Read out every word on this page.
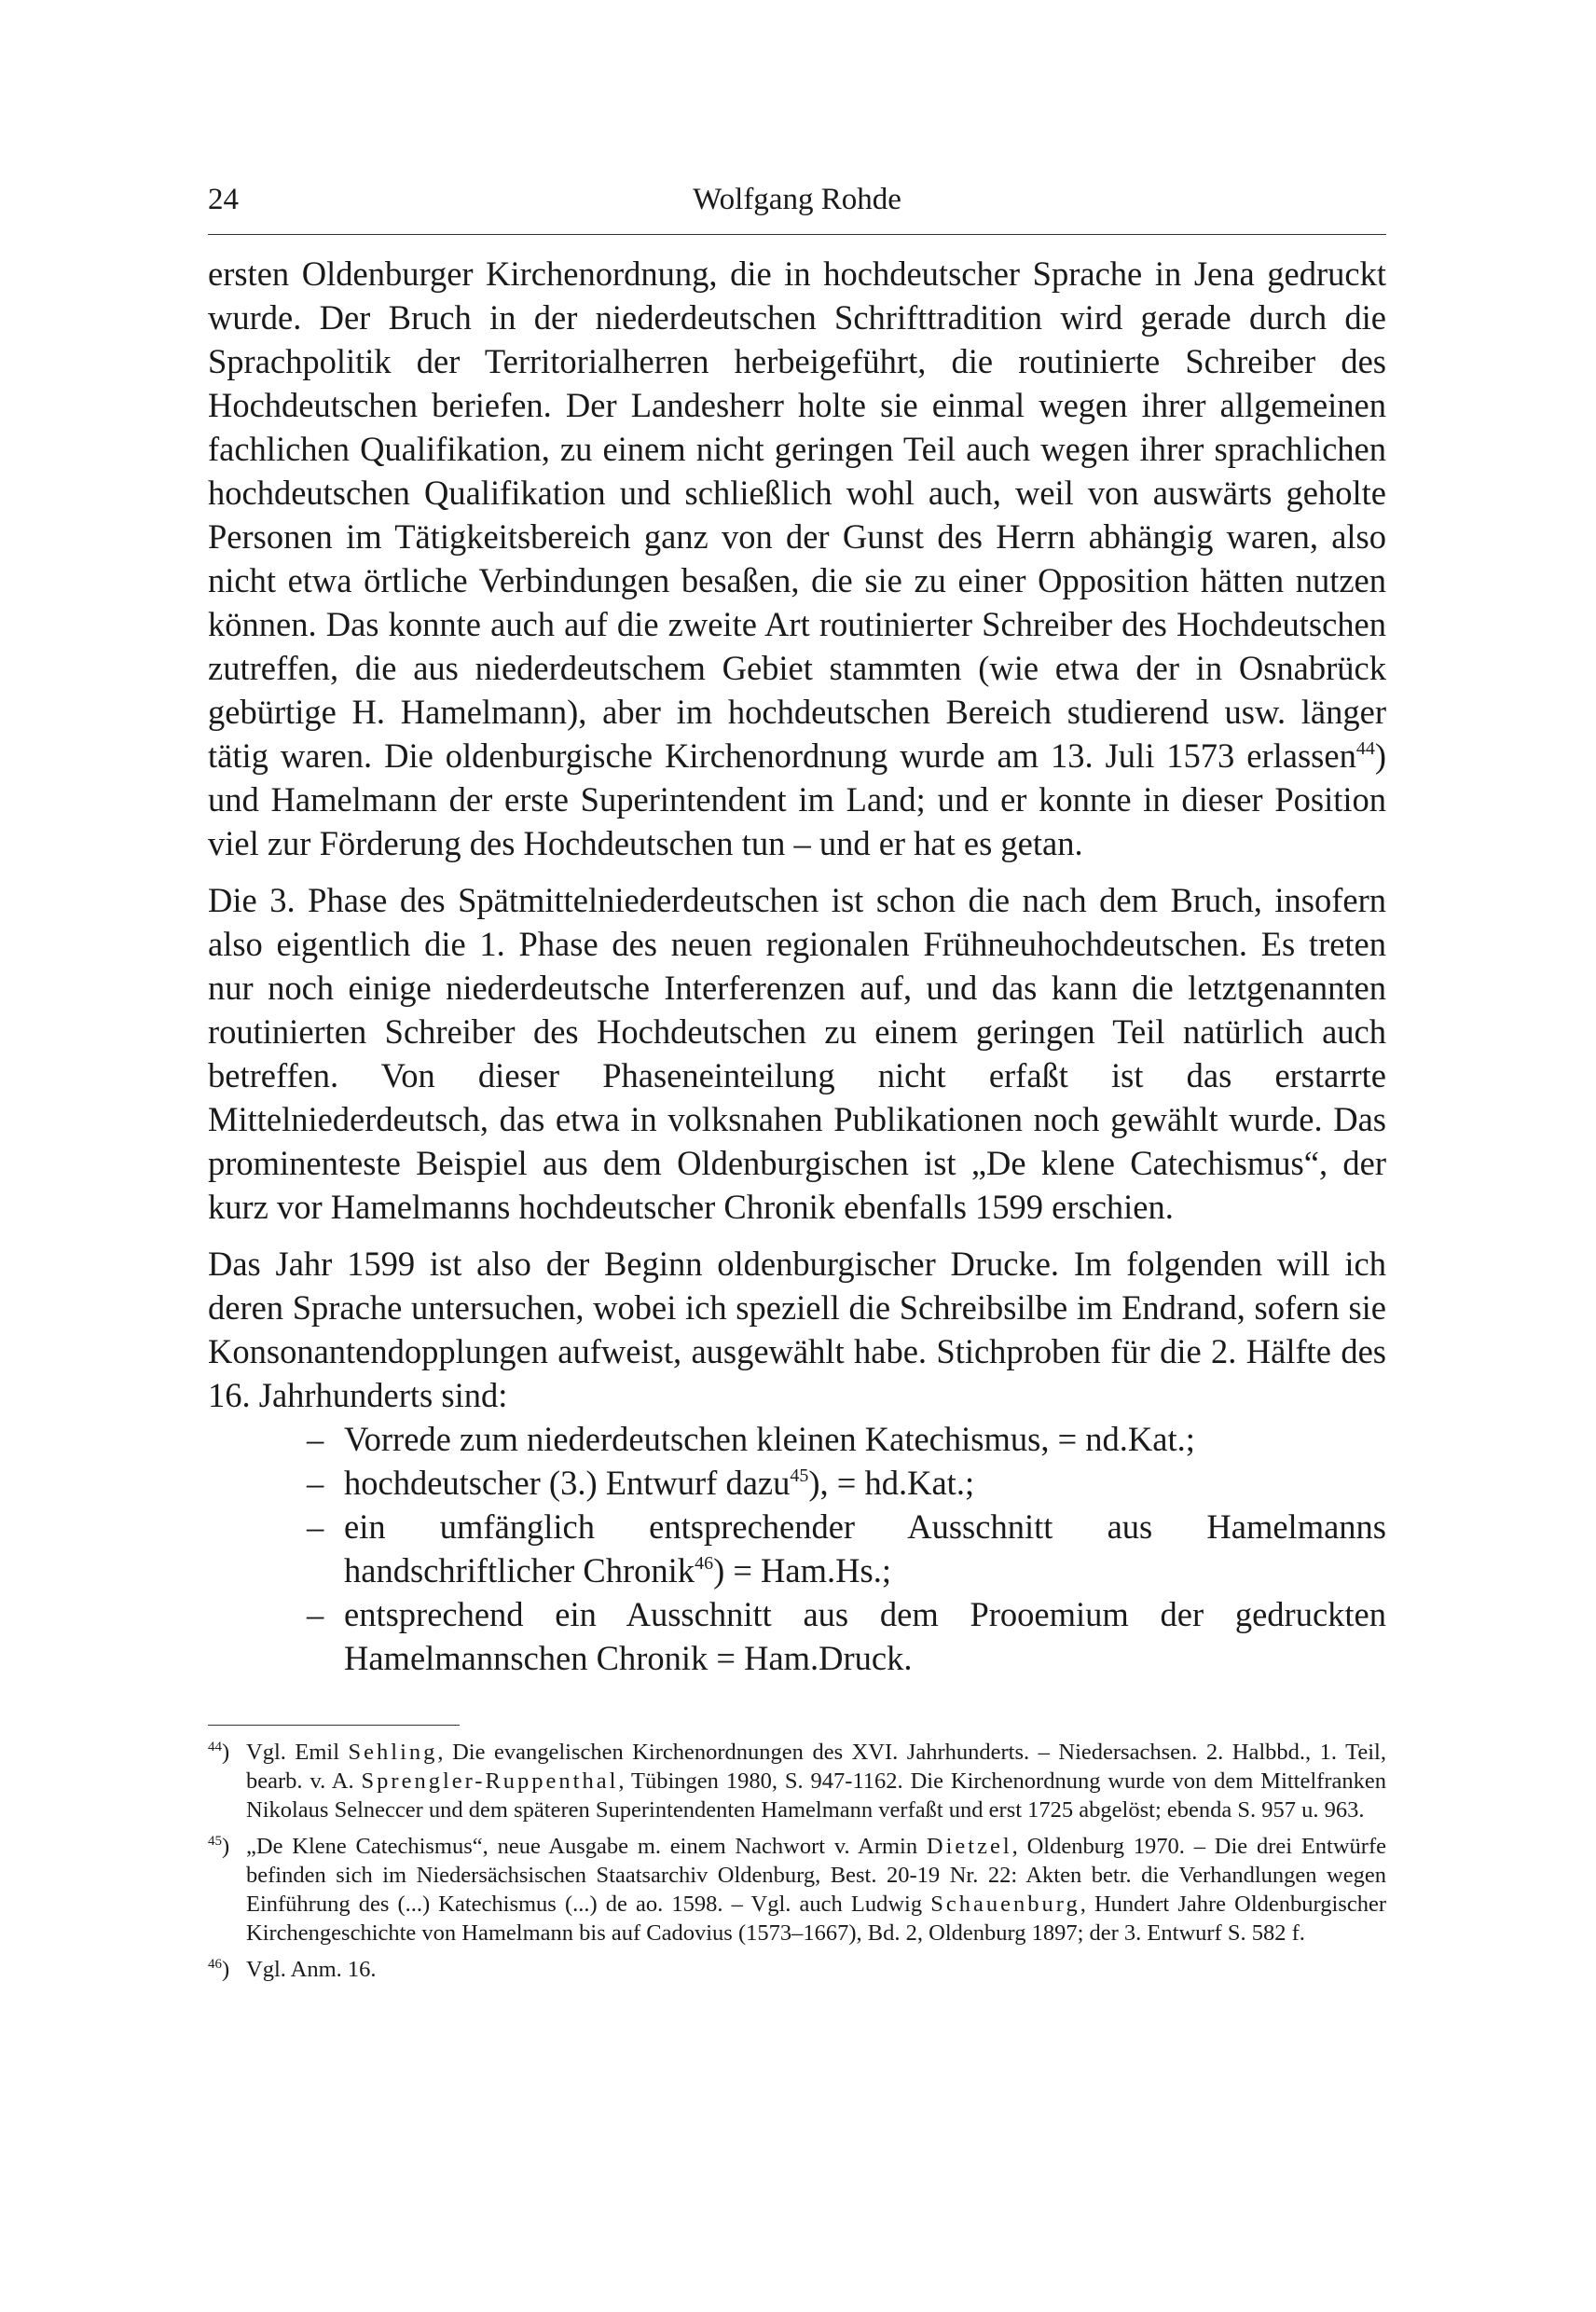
24	Wolfgang Rohde

ersten Oldenburger Kirchenordnung, die in hochdeutscher Sprache in Jena gedruckt wurde. Der Bruch in der niederdeutschen Schrifttradition wird gerade durch die Sprachpolitik der Territorialherren herbeigeführt, die routinierte Schreiber des Hochdeutschen beriefen. Der Landesherr holte sie einmal wegen ihrer allgemeinen fachlichen Qualifikation, zu einem nicht geringen Teil auch wegen ihrer sprachlichen hochdeutschen Qualifikation und schließlich wohl auch, weil von auswärts geholte Personen im Tätigkeitsbereich ganz von der Gunst des Herrn abhängig waren, also nicht etwa örtliche Verbindungen besaßen, die sie zu einer Opposition hätten nutzen können. Das konnte auch auf die zweite Art routinierter Schreiber des Hochdeutschen zutreffen, die aus niederdeutschem Gebiet stammten (wie etwa der in Osnabrück gebürtige H. Hamelmann), aber im hochdeutschen Bereich studierend usw. länger tätig waren. Die oldenburgische Kirchenordnung wurde am 13. Juli 1573 erlassen$^{44}$) und Hamelmann der erste Superintendent im Land; und er konnte in dieser Position viel zur Förderung des Hochdeutschen tun – und er hat es getan.

Die 3. Phase des Spätmittelniederdeutschen ist schon die nach dem Bruch, insofern also eigentlich die 1. Phase des neuen regionalen Frühneuhochdeutschen. Es treten nur noch einige niederdeutsche Interferenzen auf, und das kann die letztgenannten routinierten Schreiber des Hochdeutschen zu einem geringen Teil natürlich auch betreffen. Von dieser Phaseneinteilung nicht erfaßt ist das erstarrte Mittelniederdeutsch, das etwa in volksnahen Publikationen noch gewählt wurde. Das prominenteste Beispiel aus dem Oldenburgischen ist „De klene Catechismus“, der kurz vor Hamelmanns hochdeutscher Chronik ebenfalls 1599 erschien.

Das Jahr 1599 ist also der Beginn oldenburgischer Drucke. Im folgenden will ich deren Sprache untersuchen, wobei ich speziell die Schreibsilbe im Endrand, sofern sie Konsonantendopplungen aufweist, ausgewählt habe. Stichproben für die 2. Hälfte des 16. Jahrhunderts sind:

– Vorrede zum niederdeutschen kleinen Katechismus, = nd.Kat.;
– hochdeutscher (3.) Entwurf dazu$^{45}$), = hd.Kat.;
– ein umfänglich entsprechender Ausschnitt aus Hamelmanns handschriftlicher Chronik$^{46}$) = Ham.Hs.;
– entsprechend ein Ausschnitt aus dem Prooemium der gedruckten Hamelmannschen Chronik = Ham.Druck.
$^{44}$) Vgl. Emil Sehling, Die evangelischen Kirchenordnungen des XVI. Jahrhunderts. – Niedersachsen. 2. Halbbd., 1. Teil, bearb. v. A. Sprengler-Ruppenthal, Tübingen 1980, S. 947-1162. Die Kirchenordnung wurde von dem Mittelfranken Nikolaus Selneccer und dem späteren Superintendenten Hamelmann verfaßt und erst 1725 abgelöst; ebenda S. 957 u. 963.
$^{45}$) „De Klene Catechismus“, neue Ausgabe m. einem Nachwort v. Armin Dietzel, Oldenburg 1970. – Die drei Entwürfe befinden sich im Niedersächsischen Staatsarchiv Oldenburg, Best. 20-19 Nr. 22: Akten betr. die Verhandlungen wegen Einführung des (...) Katechismus (...) de ao. 1598. – Vgl. auch Ludwig Schauenburg, Hundert Jahre Oldenburgischer Kirchengeschichte von Hamelmann bis auf Cadovius (1573–1667), Bd. 2, Oldenburg 1897; der 3. Entwurf S. 582 f.
$^{46}$) Vgl. Anm. 16.
